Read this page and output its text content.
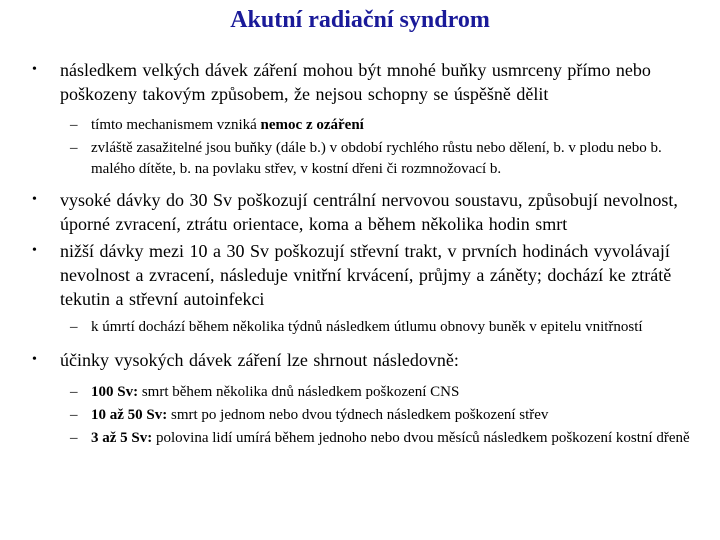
Akutní radiační syndrom
• následkem velkých dávek záření mohou být mnohé buňky usmrceny přímo nebo poškozeny takovým způsobem, že nejsou schopny se úspěšně dělit
– tímto mechanismem vzniká nemoc z ozáření
– zvláště zasažitelné jsou buňky (dále b.) v období rychlého růstu nebo dělení, b. v plodu nebo b. malého dítěte, b. na povlaku střev, v kostní dřeni či rozmnožovací b.
• vysoké dávky do 30 Sv poškozují centrální nervovou soustavu, způsobují nevolnost, úporné zvracení, ztrátu orientace, koma a během několika hodin smrt
• nižší dávky mezi 10 a 30 Sv poškozují střevní trakt, v prvních hodinách vyvolávají nevolnost a zvracení, následuje vnitřní krvácení, průjmy a záněty; dochází ke ztrátě tekutin a střevní autoinfekci
– k úmrtí dochází během několika týdnů následkem útlumu obnovy buněk v epitelu vnitřností
• účinky vysokých dávek záření lze shrnout následovně:
– 100 Sv: smrt během několika dnů následkem poškození CNS
– 10 až 50 Sv: smrt po jednom nebo dvou týdnech následkem poškození střev
– 3 až 5 Sv: polovina lidí umírá během jednoho nebo dvou měsíců následkem poškození kostní dřeně
